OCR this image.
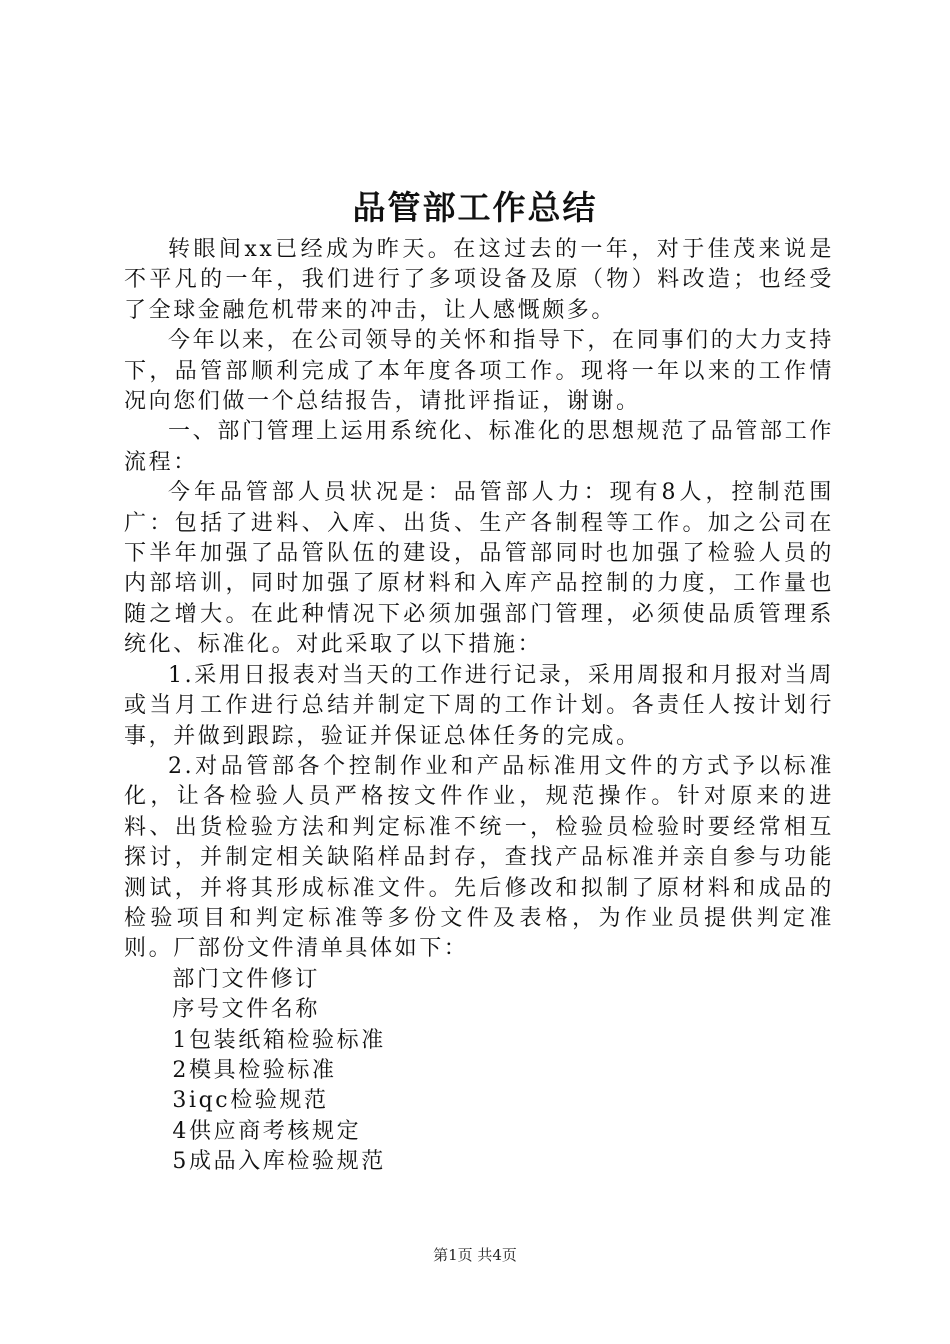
品管部工作总结

转眼间xx已经成为昨天。在这过去的一年，对于佳茂来说是不平凡的一年，我们进行了多项设备及原（物）料改造；也经受了全球金融危机带来的冲击，让人感慨颇多。

今年以来，在公司领导的关怀和指导下，在同事们的大力支持下，品管部顺利完成了本年度各项工作。现将一年以来的工作情况向您们做一个总结报告，请批评指证，谢谢。

一、部门管理上运用系统化、标准化的思想规范了品管部工作流程：

今年品管部人员状况是：品管部人力：现有8人，控制范围广：包括了进料、入库、出货、生产各制程等工作。加之公司在下半年加强了品管队伍的建设，品管部同时也加强了检验人员的内部培训，同时加强了原材料和入库产品控制的力度，工作量也随之增大。在此种情况下必须加强部门管理，必须使品质管理系统化、标准化。对此采取了以下措施：

1.采用日报表对当天的工作进行记录，采用周报和月报对当周或当月工作进行总结并制定下周的工作计划。各责任人按计划行事，并做到跟踪，验证并保证总体任务的完成。

2.对品管部各个控制作业和产品标准用文件的方式予以标准化，让各检验人员严格按文件作业，规范操作。针对原来的进料、出货检验方法和判定标准不统一，检验员检验时要经常相互探讨，并制定相关缺陷样品封存，查找产品标准并亲自参与功能测试，并将其形成标准文件。先后修改和拟制了原材料和成品的检验项目和判定标准等多份文件及表格，为作业员提供判定准则。厂部份文件清单具体如下：

部门文件修订

序号文件名称

1包装纸箱检验标准

2模具检验标准

3iqc检验规范

4供应商考核规定

5成品入库检验规范

第1页 共4页
